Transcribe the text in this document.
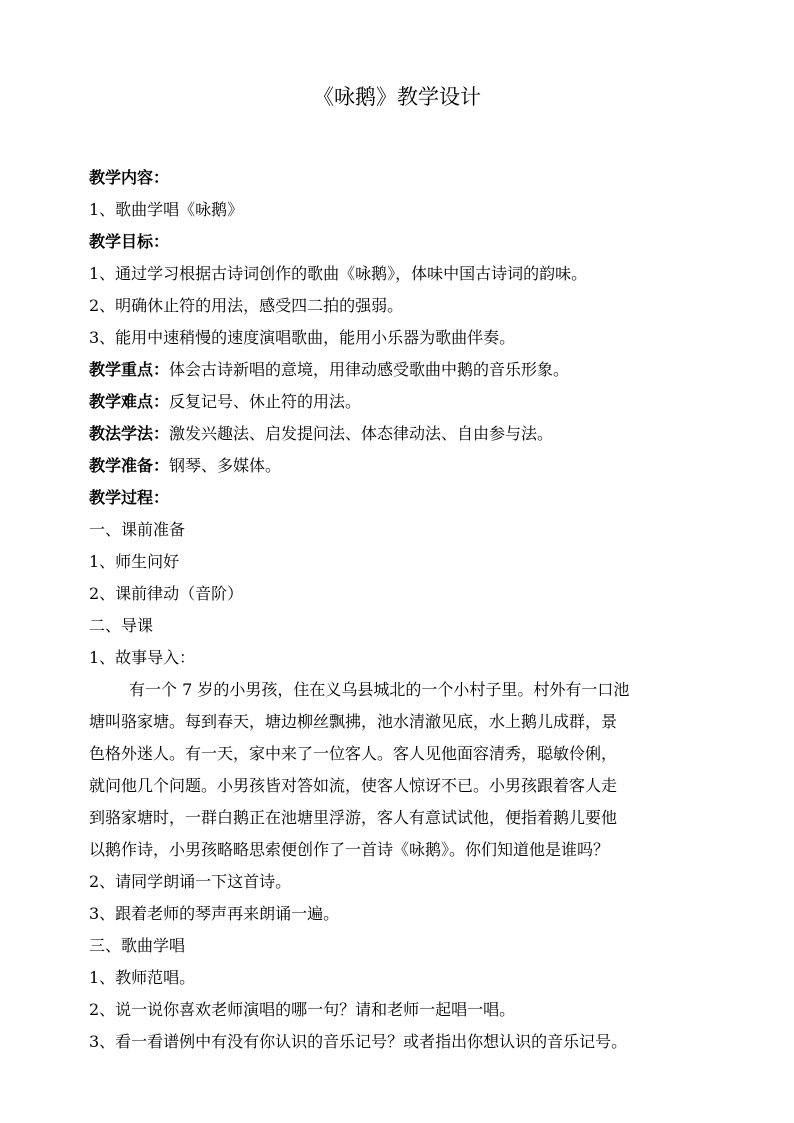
《咏鹅》教学设计
教学内容：
1、歌曲学唱《咏鹅》
教学目标：
1、通过学习根据古诗词创作的歌曲《咏鹅》，体味中国古诗词的韵味。
2、明确休止符的用法，感受四二拍的强弱。
3、能用中速稍慢的速度演唱歌曲，能用小乐器为歌曲伴奏。
教学重点：体会古诗新唱的意境，用律动感受歌曲中鹅的音乐形象。
教学难点：反复记号、休止符的用法。
教法学法：激发兴趣法、启发提问法、体态律动法、自由参与法。
教学准备：钢琴、多媒体。
教学过程：
一、课前准备
1、师生问好
2、课前律动（音阶）
二、导课
1、故事导入：
有一个 7 岁的小男孩，住在义乌县城北的一个小村子里。村外有一口池
塘叫骆家塘。每到春天，塘边柳丝飘拂，池水清澈见底，水上鹅儿成群，景
色格外迷人。有一天，家中来了一位客人。客人见他面容清秀，聪敏伶俐，
就问他几个问题。小男孩皆对答如流，使客人惊讶不已。小男孩跟着客人走
到骆家塘时，一群白鹅正在池塘里浮游，客人有意试试他，便指着鹅儿要他
以鹅作诗，小男孩略略思索便创作了一首诗《咏鹅》。你们知道他是谁吗？
2、请同学朗诵一下这首诗。
3、跟着老师的琴声再来朗诵一遍。
三、歌曲学唱
1、教师范唱。
2、说一说你喜欢老师演唱的哪一句？请和老师一起唱一唱。
3、看一看谱例中有没有你认识的音乐记号？或者指出你想认识的音乐记号。
